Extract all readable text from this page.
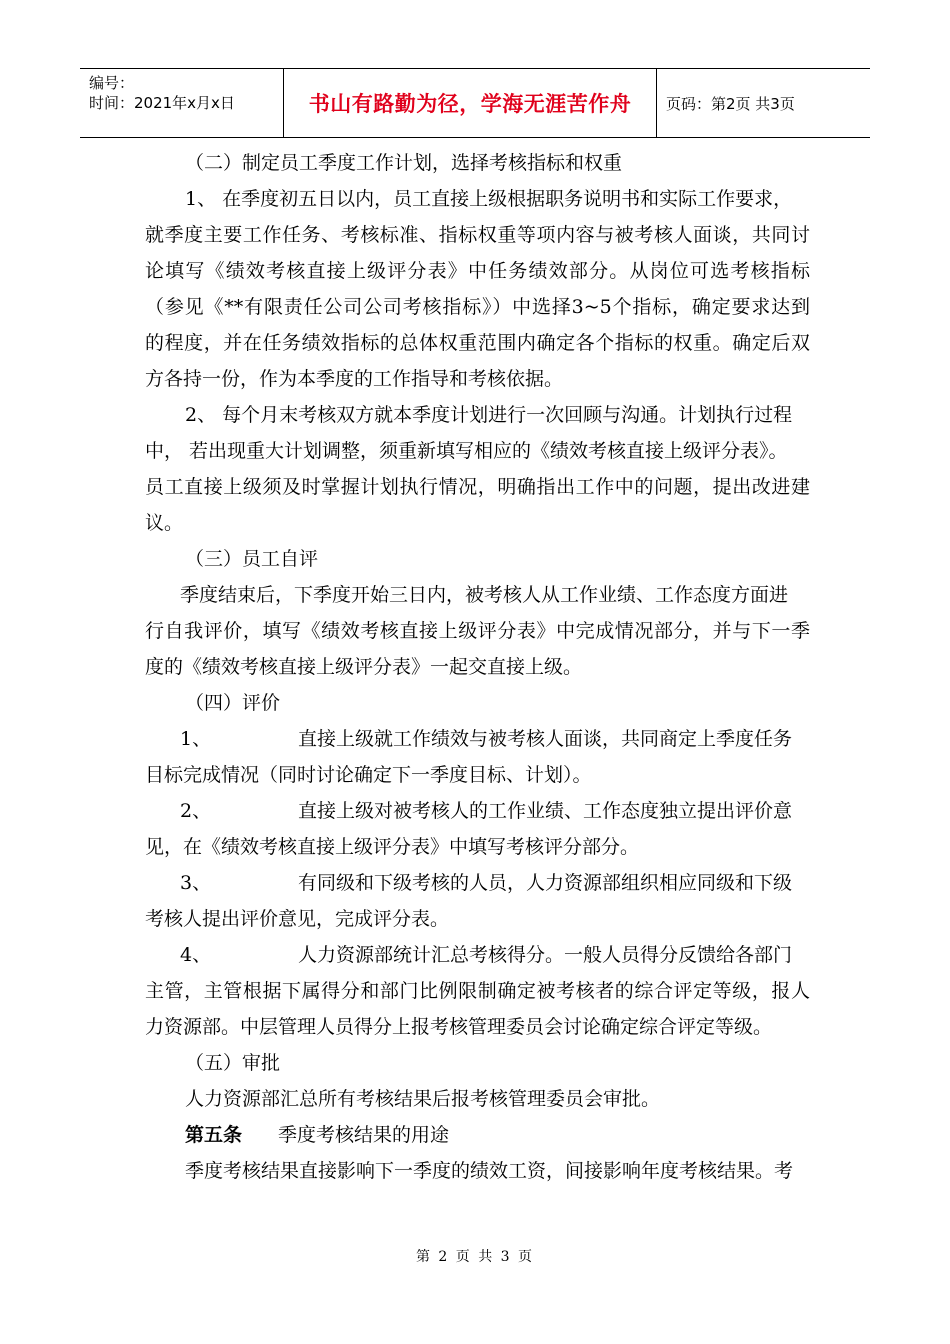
编号：
时间：2021年x月x日	书山有路勤为径，学海无涯苦作舟	页码：第2页 共3页
（二）制定员工季度工作计划，选择考核指标和权重
1、 在季度初五日以内，员工直接上级根据职务说明书和实际工作要求，
就季度主要工作任务、考核标准、指标权重等项内容与被考核人面谈，共同讨
论填写《绩效考核直接上级评分表》中任务绩效部分。从岗位可选考核指标
（参见《**有限责任公司公司考核指标》）中选择3~5个指标，确定要求达到
的程度，并在任务绩效指标的总体权重范围内确定各个指标的权重。确定后双
方各持一份，作为本季度的工作指导和考核依据。
2、 每个月末考核双方就本季度计划进行一次回顾与沟通。计划执行过程
中， 若出现重大计划调整，须重新填写相应的《绩效考核直接上级评分表》。
员工直接上级须及时掌握计划执行情况，明确指出工作中的问题，提出改进建
议。
（三）员工自评
季度结束后，下季度开始三日内，被考核人从工作业绩、工作态度方面进
行自我评价，填写《绩效考核直接上级评分表》中完成情况部分，并与下一季
度的《绩效考核直接上级评分表》一起交直接上级。
（四）评价
1、	直接上级就工作绩效与被考核人面谈，共同商定上季度任务
目标完成情况（同时讨论确定下一季度目标、计划）。
2、	直接上级对被考核人的工作业绩、工作态度独立提出评价意
见，在《绩效考核直接上级评分表》中填写考核评分部分。
3、	有同级和下级考核的人员，人力资源部组织相应同级和下级
考核人提出评价意见，完成评分表。
4、	人力资源部统计汇总考核得分。一般人员得分反馈给各部门
主管，主管根据下属得分和部门比例限制确定被考核者的综合评定等级，报人
力资源部。中层管理人员得分上报考核管理委员会讨论确定综合评定等级。
（五）审批
人力资源部汇总所有考核结果后报考核管理委员会审批。
第五条 季度考核结果的用途
季度考核结果直接影响下一季度的绩效工资，间接影响年度考核结果。考
第 2 页 共 3 页
